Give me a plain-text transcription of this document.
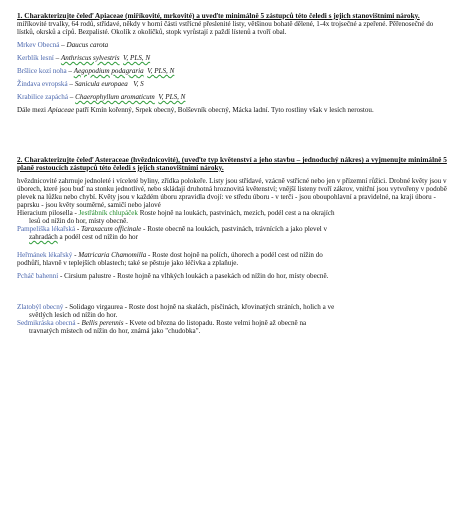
1. Charakterizujte čeleď Apiaceae (miříkovité, mrkovité) a uveďte minimálně 5 zástupců této čeledi s jejich stanovištními nároky.

miříkovité trvalky, 64 rodů, střídavé, někdy v horní části vstřícné přeslenité listy, většinou bohatě dělené, 1-4x trojsečné a zpeřené. Pěřenosečné do lístků, okrsků a cípů. Bezpalisté. Okolík z okolíčků, stopk vyrůstají z paždí lístenů a tvoří obal.

Mrkev Obecná – Daucus carota

Kerblík lesní – Anthriscus sylvestris V, PLS, N

Bršlice kozí noha – Aegopodium podagraria V, PLS, N

Žindava evropská – Sanicula europaea V, S

Krabilice zapáchá – Chaerophyllum aromaticum V, PLS, N

Dále mezi Apiaceae patří Kmín kořenný, Srpek obecný, Bolševník obecný, Mácka ladní. Tyto rostliny však v lesích nerostou.

2. Charakterizujte čeleď Asteraceae (hvězdnicovité), (uveďte typ květenství a jeho stavbu – jednoduchý nákres) a vyjmenujte minimálně 5 planě rostoucích zástupců této čeledi s jejich stanovištními nároky.

hvězdnicovité zahrnuje jednoleté i víceleté byliny, zřídka polokeře. Listy jsou střídavé, vzácně vstřícné nebo jen v přízemní růžici. Drobné květy jsou v úborech, které jsou buď na stonku jednotlivé, nebo skládají druhotná hroznovitá květenství; vnější listeny tvoří zákrov, vnitřní jsou vytvořeny v podobě plevek na lůžku nebo chybí. Květy jsou v každém úboru zpravidla dvojí: ve středu úboru - v terči - jsou oboupohlavní a pravidelné, na kraji úboru - paprsku - jsou květy souměrné, samičí nebo jalové

Hieracium pilosella - Jestřábník chlupáček Roste hojně na loukách, pastvinách, mezích, podél cest a na okrajích
lesů od nížin do hor, místy obecně.

Pampeliška lékařská - Taraxacum officinale - Roste obecně na loukách, pastvinách, trávnících a jako plevel v
zahradách a podél cest od nížin do hor

Heřmánek lékařský - Matricaria Chamomilla - Roste dost hojně na polích, úhorech a podél cest od nížin do
podhůří, hlavně v teplejších oblastech; také se pěstuje jako léčivka a zplaňuje.

Pcháč bahenní - Cirsium palustre - Roste hojně na vlhkých loukách a pasekách od nížin do hor, místy obecně.

Zlatobýl obecný - Solidago virgaurea - Roste dost hojně na skalách, písčinách, křovinatých stráních, holich a ve
světlých lesích od nížin do hor.

Sedmikráska obecná - Bellis perennis - Kvete od března do listopadu. Roste velmi hojně až obecně na
travnatých místech od nížin do hor, známá jako "chudobka".
